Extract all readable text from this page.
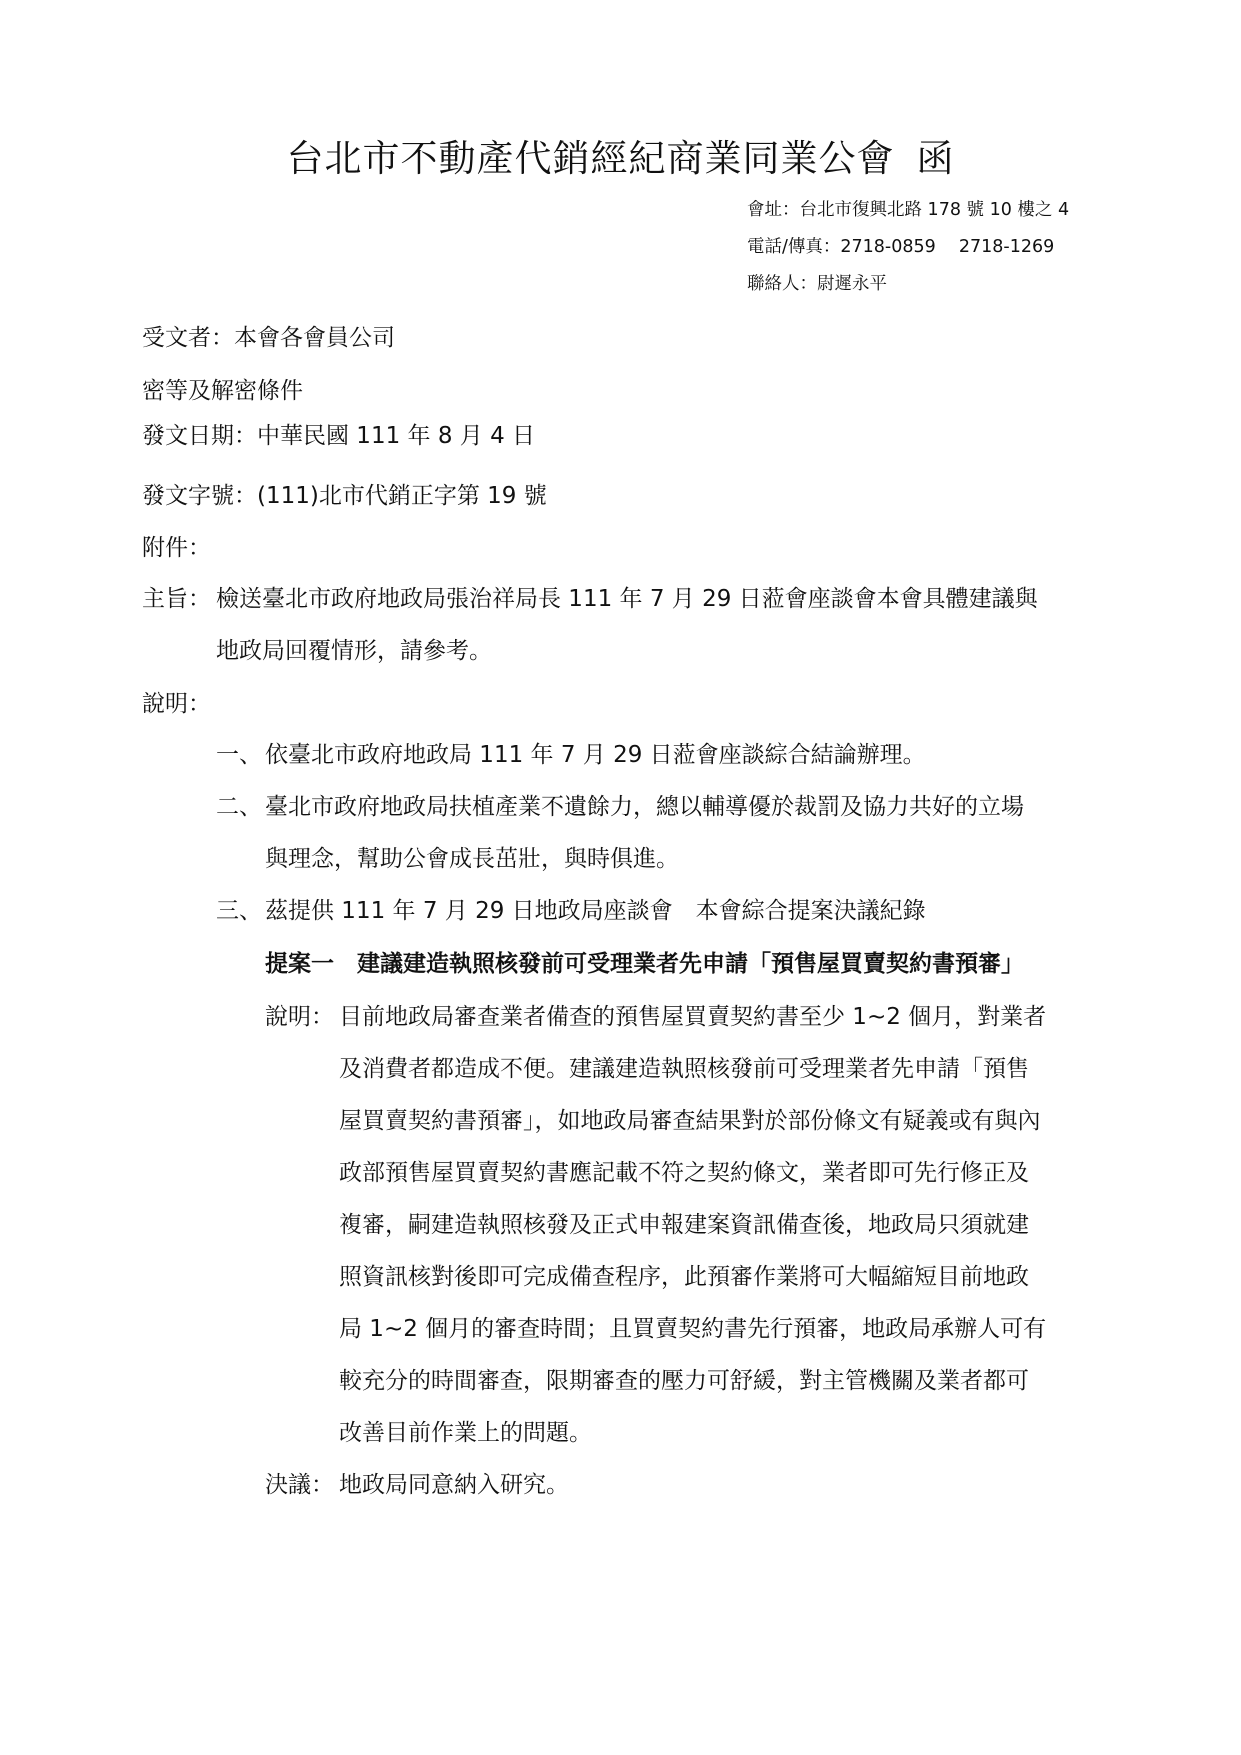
台北市不動產代銷經紀商業同業公會 函
會址：台北市復興北路 178 號 10 樓之 4
電話/傳真：2718-0859　 2718-1269
聯絡人：尉遲永平
受文者：本會各會員公司
密等及解密條件
發文日期：中華民國 111 年 8 月 4 日
發文字號：(111)北市代銷正字第 19 號
附件：
主旨： 檢送臺北市政府地政局張治祥局長 111 年 7 月 29 日蒞會座談會本會具體建議與
地政局回覆情形，請參考。
說明：
一、 依臺北市政府地政局 111 年 7 月 29 日蒞會座談綜合結論辦理。
二、 臺北市政府地政局扶植產業不遺餘力，總以輔導優於裁罰及協力共好的立場
與理念，幫助公會成長茁壯，與時俱進。
三、 茲提供 111 年 7 月 29 日地政局座談會　本會綜合提案決議紀錄
提案一　建議建造執照核發前可受理業者先申請「預售屋買賣契約書預審」
說明： 目前地政局審查業者備查的預售屋買賣契約書至少 1~2 個月，對業者
及消費者都造成不便。建議建造執照核發前可受理業者先申請「預售
屋買賣契約書預審」，如地政局審查結果對於部份條文有疑義或有與內
政部預售屋買賣契約書應記載不符之契約條文，業者即可先行修正及
複審，嗣建造執照核發及正式申報建案資訊備查後，地政局只須就建
照資訊核對後即可完成備查程序，此預審作業將可大幅縮短目前地政
局 1~2 個月的審查時間；且買賣契約書先行預審，地政局承辦人可有
較充分的時間審查，限期審查的壓力可舒緩，對主管機關及業者都可
改善目前作業上的問題。
決議： 地政局同意納入研究。
